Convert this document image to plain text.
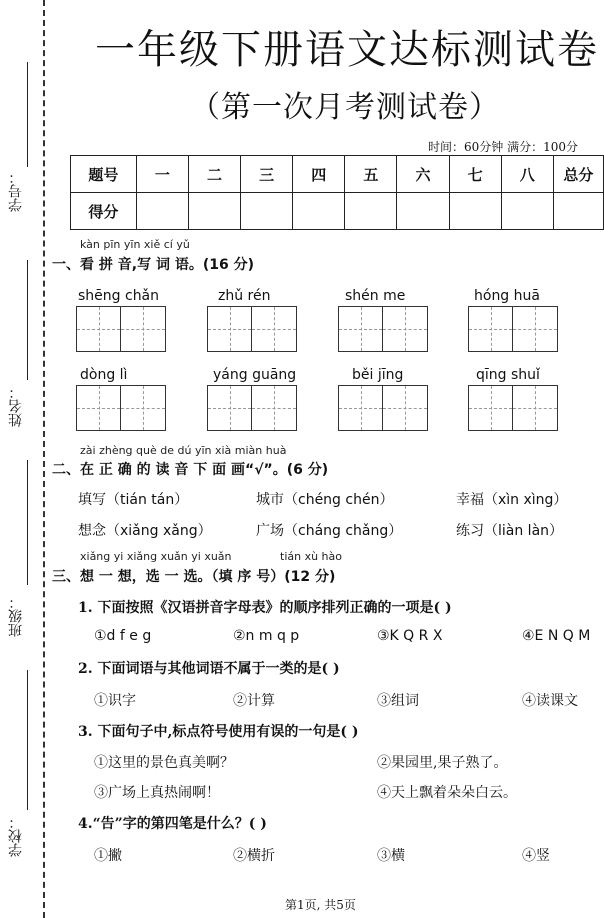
学号：
姓名：
班级：
学校：
一年级下册语文达标测试卷
（第一次月考测试卷）
时间：60分钟 满分：100分
题号	一	二	三	四	五	六	七	八	总分
得分									
kàn pīn yīn xiě cí yǔ
一、看 拼 音,写 词 语。(16 分)
shēng chǎn	zhǔ rén	shén me	hóng huā
dòng lì	yáng guāng	běi jīng	qīng shuǐ
zài zhèng què de dú yīn xià miàn huà
二、在 正 确 的 读 音 下 面 画“√”。(6 分)
填写（tián tán）	城市（chéng chén）	幸福（xìn xìng）
想念（xiǎng xǎng）	广场（cháng chǎng）	练习（liàn làn）
xiǎng yi xiǎng xuǎn yi xuǎn	tián xù hào
三、想 一 想，选 一 选。（填 序 号）(12 分)
1. 下面按照《汉语拼音字母表》的顺序排列正确的一项是( )
①d f e g	②n m q p	③K Q R X	④E N Q M
2. 下面词语与其他词语不属于一类的是( )
①识字	②计算	③组词	④读课文
3. 下面句子中,标点符号使用有误的一句是( )
①这里的景色真美啊？	②果园里,果子熟了。
③广场上真热闹啊！	④天上飘着朵朵白云。
4.“告”字的第四笔是什么？( )
①撇	②横折	③横	④竖
第1页, 共5页
